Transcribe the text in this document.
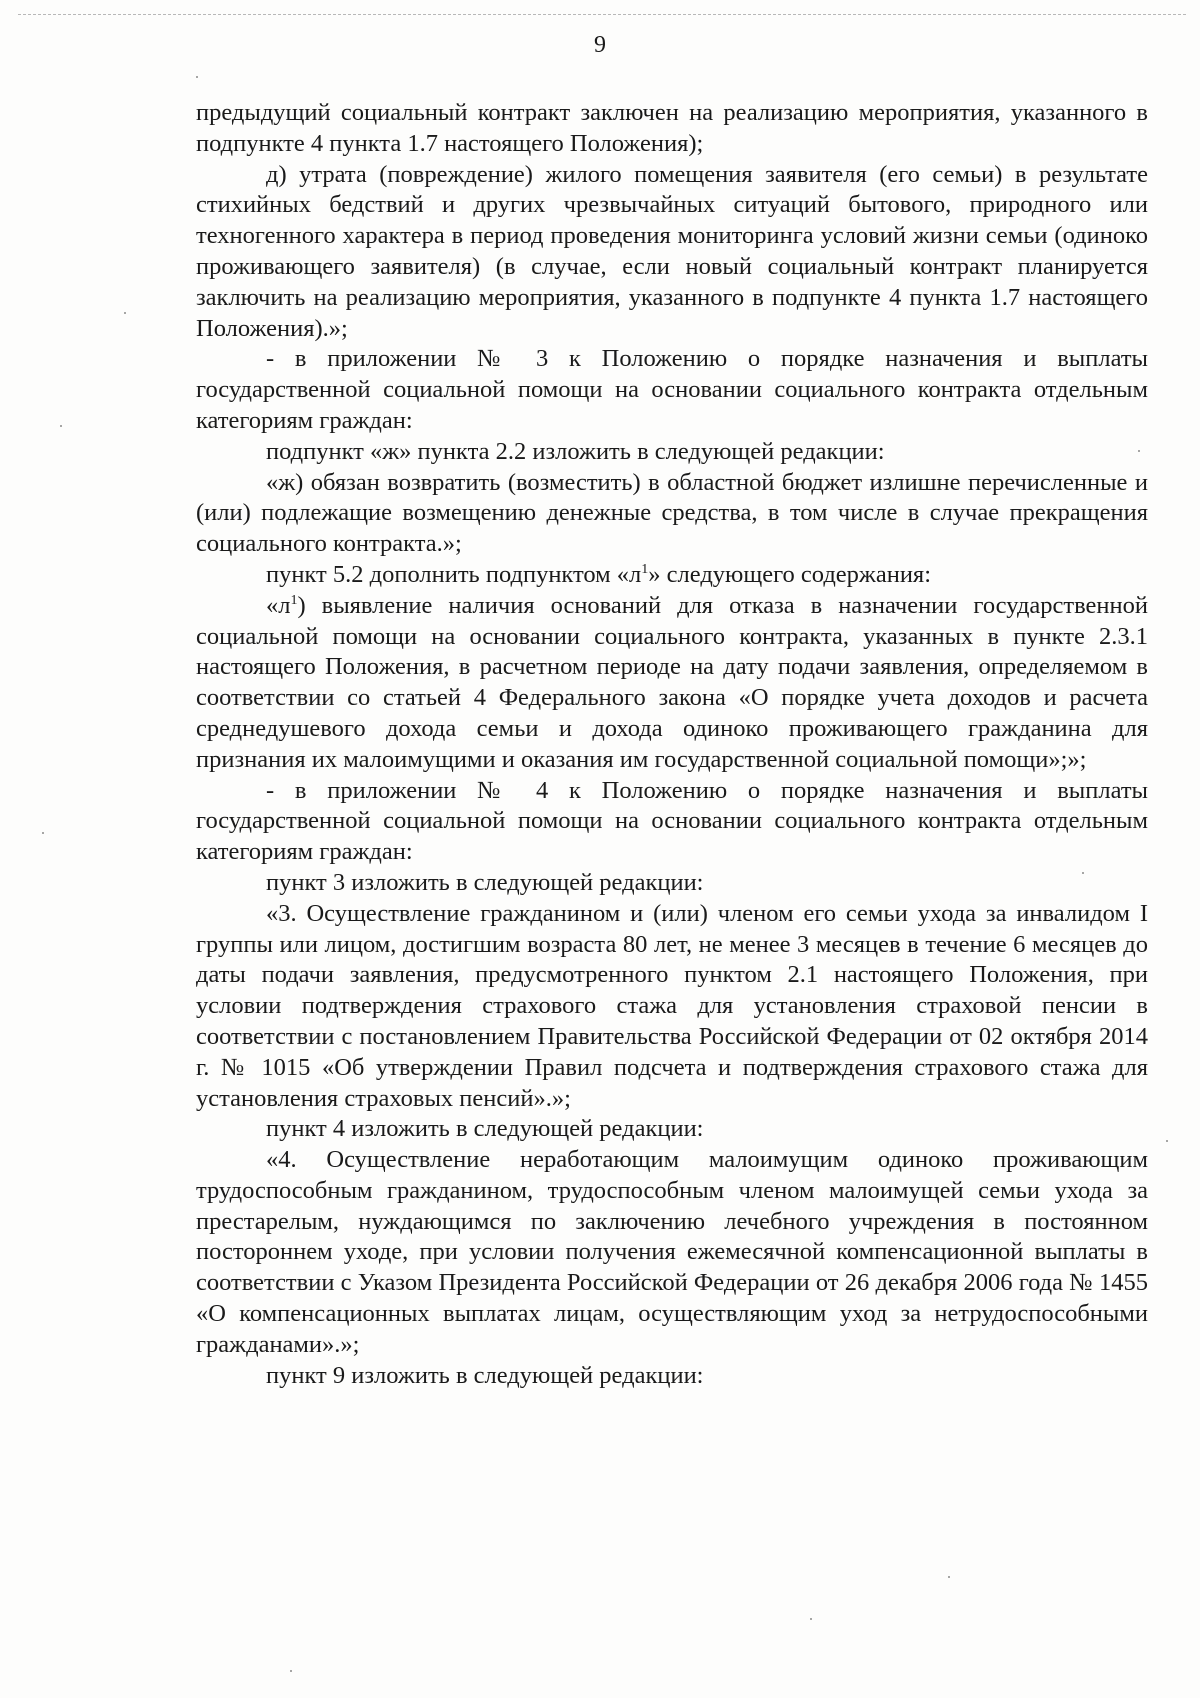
9

предыдущий социальный контракт заключен на реализацию мероприятия, указанного в подпункте 4 пункта 1.7 настоящего Положения);

д) утрата (повреждение) жилого помещения заявителя (его семьи) в результате стихийных бедствий и других чрезвычайных ситуаций бытового, природного или техногенного характера в период проведения мониторинга условий жизни семьи (одиноко проживающего заявителя) (в случае, если новый социальный контракт планируется заключить на реализацию мероприятия, указанного в подпункте 4 пункта 1.7 настоящего Положения).»;

- в приложении № 3 к Положению о порядке назначения и выплаты государственной социальной помощи на основании социального контракта отдельным категориям граждан:

подпункт «ж» пункта 2.2 изложить в следующей редакции:

«ж) обязан возвратить (возместить) в областной бюджет излишне перечисленные и (или) подлежащие возмещению денежные средства, в том числе в случае прекращения социального контракта.»;

пункт 5.2 дополнить подпунктом «$л^1$» следующего содержания:

«$л^1$) выявление наличия оснований для отказа в назначении государственной социальной помощи на основании социального контракта, указанных в пункте 2.3.1 настоящего Положения, в расчетном периоде на дату подачи заявления, определяемом в соответствии со статьей 4 Федерального закона «О порядке учета доходов и расчета среднедушевого дохода семьи и дохода одиноко проживающего гражданина для признания их малоимущими и оказания им государственной социальной помощи»;»;

- в приложении № 4 к Положению о порядке назначения и выплаты государственной социальной помощи на основании социального контракта отдельным категориям граждан:

пункт 3 изложить в следующей редакции:

«3. Осуществление гражданином и (или) членом его семьи ухода за инвалидом I группы или лицом, достигшим возраста 80 лет, не менее 3 месяцев в течение 6 месяцев до даты подачи заявления, предусмотренного пунктом 2.1 настоящего Положения, при условии подтверждения страхового стажа для установления страховой пенсии в соответствии с постановлением Правительства Российской Федерации от 02 октября 2014 г. № 1015 «Об утверждении Правил подсчета и подтверждения страхового стажа для установления страховых пенсий».»;

пункт 4 изложить в следующей редакции:

«4. Осуществление неработающим малоимущим одиноко проживающим трудоспособным гражданином, трудоспособным членом малоимущей семьи ухода за престарелым, нуждающимся по заключению лечебного учреждения в постоянном постороннем уходе, при условии получения ежемесячной компенсационной выплаты в соответствии с Указом Президента Российской Федерации от 26 декабря 2006 года № 1455 «О компенсационных выплатах лицам, осуществляющим уход за нетрудоспособными гражданами».»;

пункт 9 изложить в следующей редакции:
